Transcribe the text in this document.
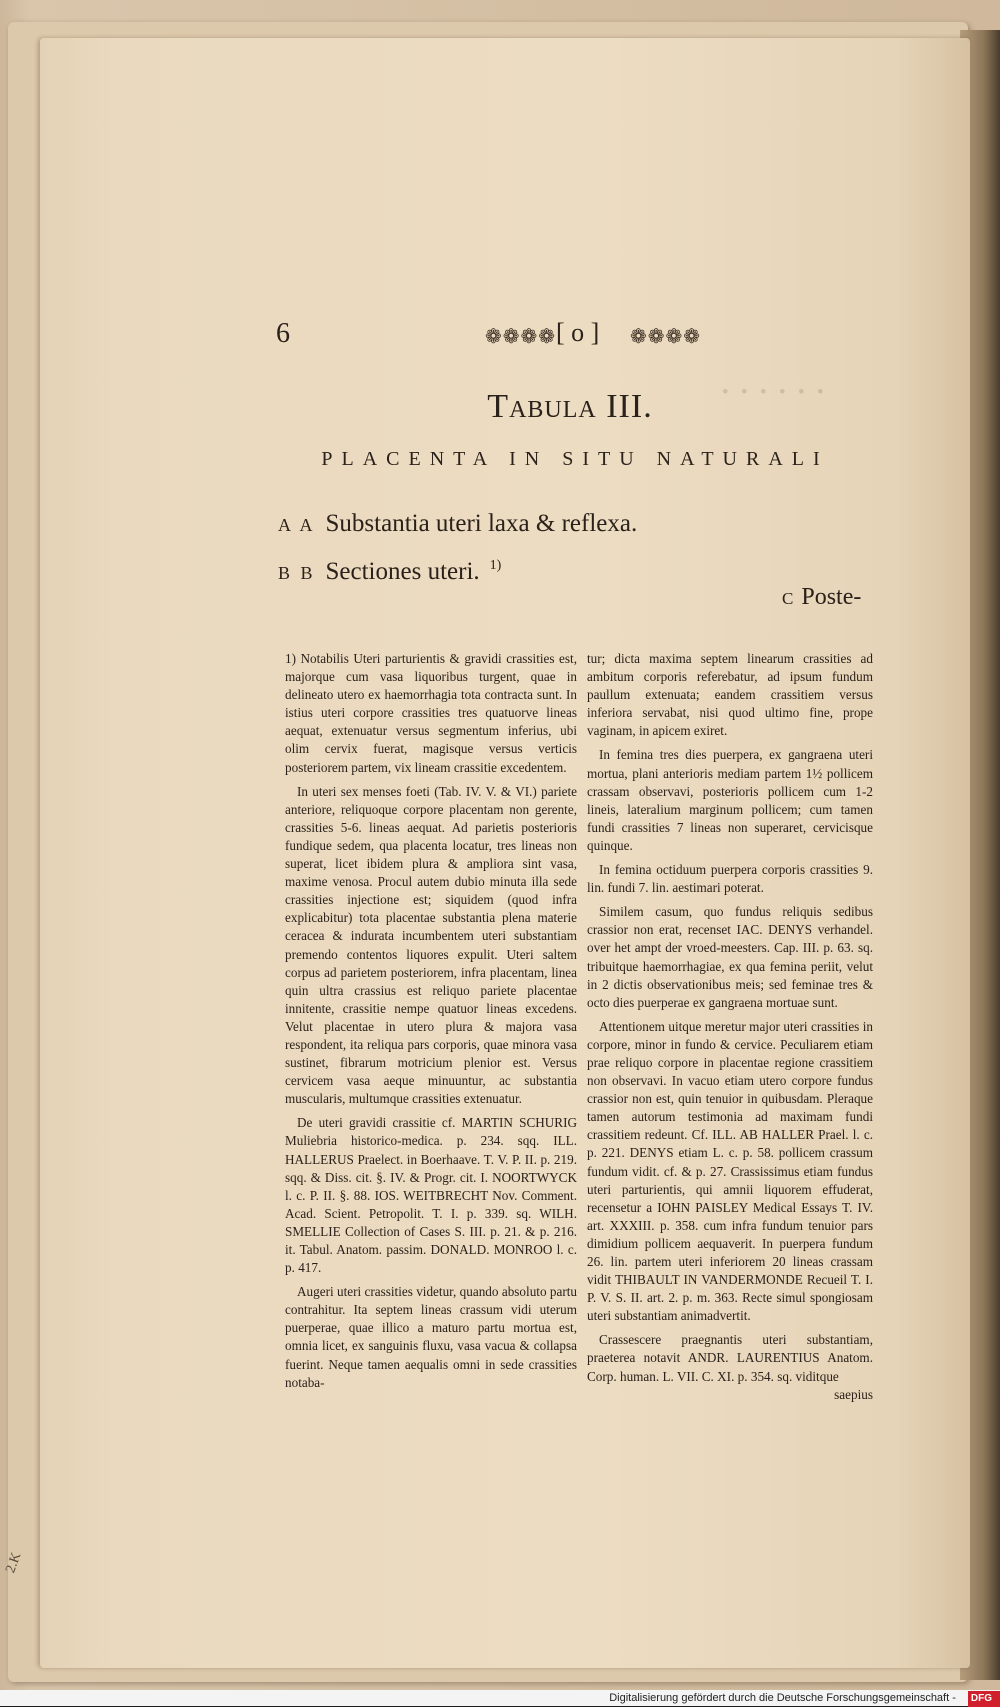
· · · · · ·
6	❁❁❁❁ [ o ] ❁❁❁❁
Tabula III.
PLACENTA IN SITU NATURALI
A A Substantia uteri laxa & reflexa.
B B Sectiones uteri. $^{1)}$
C Poste-

1) Notabilis Uteri parturientis & gravidi crassities est, majorque cum vasa liquoribus turgent, quae in delineato utero ex haemorrhagia tota contracta sunt. In istius uteri corpore crassities tres quatuorve lineas aequat, extenuatur versus segmentum inferius, ubi olim cervix fuerat, magisque versus verticis posteriorem partem, vix lineam crassitie excedentem.

In uteri sex menses foeti (Tab. IV. V. & VI.) pariete anteriore, reliquoque corpore placentam non gerente, crassities 5-6. lineas aequat. Ad parietis posterioris fundique sedem, qua placenta locatur, tres lineas non superat, licet ibidem plura & ampliora sint vasa, maxime venosa. Procul autem dubio minuta illa sede crassities injectione est; siquidem (quod infra explicabitur) tota placentae substantia plena materie ceracea & indurata incumbentem uteri substantiam premendo contentos liquores expulit. Uteri saltem corpus ad parietem posteriorem, infra placentam, linea quin ultra crassius est reliquo pariete placentae innitente, crassitie nempe quatuor lineas excedens. Velut placentae in utero plura & majora vasa respondent, ita reliqua pars corporis, quae minora vasa sustinet, fibrarum motricium plenior est. Versus cervicem vasa aeque minuuntur, ac substantia muscularis, multumque crassities extenuatur.

De uteri gravidi crassitie cf. MARTIN SCHURIG Muliebria historico-medica. p. 234. sqq. ILL. HALLERUS Praelect. in Boerhaave. T. V. P. II. p. 219. sqq. & Diss. cit. §. IV. & Progr. cit. I. NOORTWYCK l. c. P. II. §. 88. IOS. WEITBRECHT Nov. Comment. Acad. Scient. Petropolit. T. I. p. 339. sq. WILH. SMELLIE Collection of Cases S. III. p. 21. & p. 216. it. Tabul. Anatom. passim. DONALD. MONROO l. c. p. 417.

Augeri uteri crassities videtur, quando absoluto partu contrahitur. Ita septem lineas crassum vidi uterum puerperae, quae illico a maturo partu mortua est, omnia licet, ex sanguinis fluxu, vasa vacua & collapsa fuerint. Neque tamen aequalis omni in sede crassities notaba-

tur; dicta maxima septem linearum crassities ad ambitum corporis referebatur, ad ipsum fundum paullum extenuata; eandem crassitiem versus inferiora servabat, nisi quod ultimo fine, prope vaginam, in apicem exiret.

In femina tres dies puerpera, ex gangraena uteri mortua, plani anterioris mediam partem 1½ pollicem crassam observavi, posterioris pollicem cum 1-2 lineis, lateralium marginum pollicem; cum tamen fundi crassities 7 lineas non superaret, cervicisque quinque.

In femina octiduum puerpera corporis crassities 9. lin. fundi 7. lin. aestimari poterat.

Similem casum, quo fundus reliquis sedibus crassior non erat, recenset IAC. DENYS verhandel. over het ampt der vroed-meesters. Cap. III. p. 63. sq. tribuitque haemorrhagiae, ex qua femina periit, velut in 2 dictis observationibus meis; sed feminae tres & octo dies puerperae ex gangraena mortuae sunt.

Attentionem uitque meretur major uteri crassities in corpore, minor in fundo & cervice. Peculiarem etiam prae reliquo corpore in placentae regione crassitiem non observavi. In vacuo etiam utero corpore fundus crassior non est, quin tenuior in quibusdam. Pleraque tamen autorum testimonia ad maximam fundi crassitiem redeunt. Cf. ILL. AB HALLER Prael. l. c. p. 221. DENYS etiam L. c. p. 58. pollicem crassum fundum vidit. cf. & p. 27. Crassissimus etiam fundus uteri parturientis, qui amnii liquorem effuderat, recensetur a IOHN PAISLEY Medical Essays T. IV. art. XXXIII. p. 358. cum infra fundum tenuior pars dimidium pollicem aequaverit. In puerpera fundum 26. lin. partem uteri inferiorem 20 lineas crassam vidit THIBAULT IN VANDERMONDE Recueil T. I. P. V. S. II. art. 2. p. m. 363. Recte simul spongiosam uteri substantiam animadvertit.

Crassescere praegnantis uteri substantiam, praeterea notavit ANDR. LAURENTIUS Anatom. Corp. human. L. VII. C. XI. p. 354. sq. viditque

saepius

2.K
Digitalisierung gefördert durch die Deutsche Forschungsgemeinschaft - DFG
